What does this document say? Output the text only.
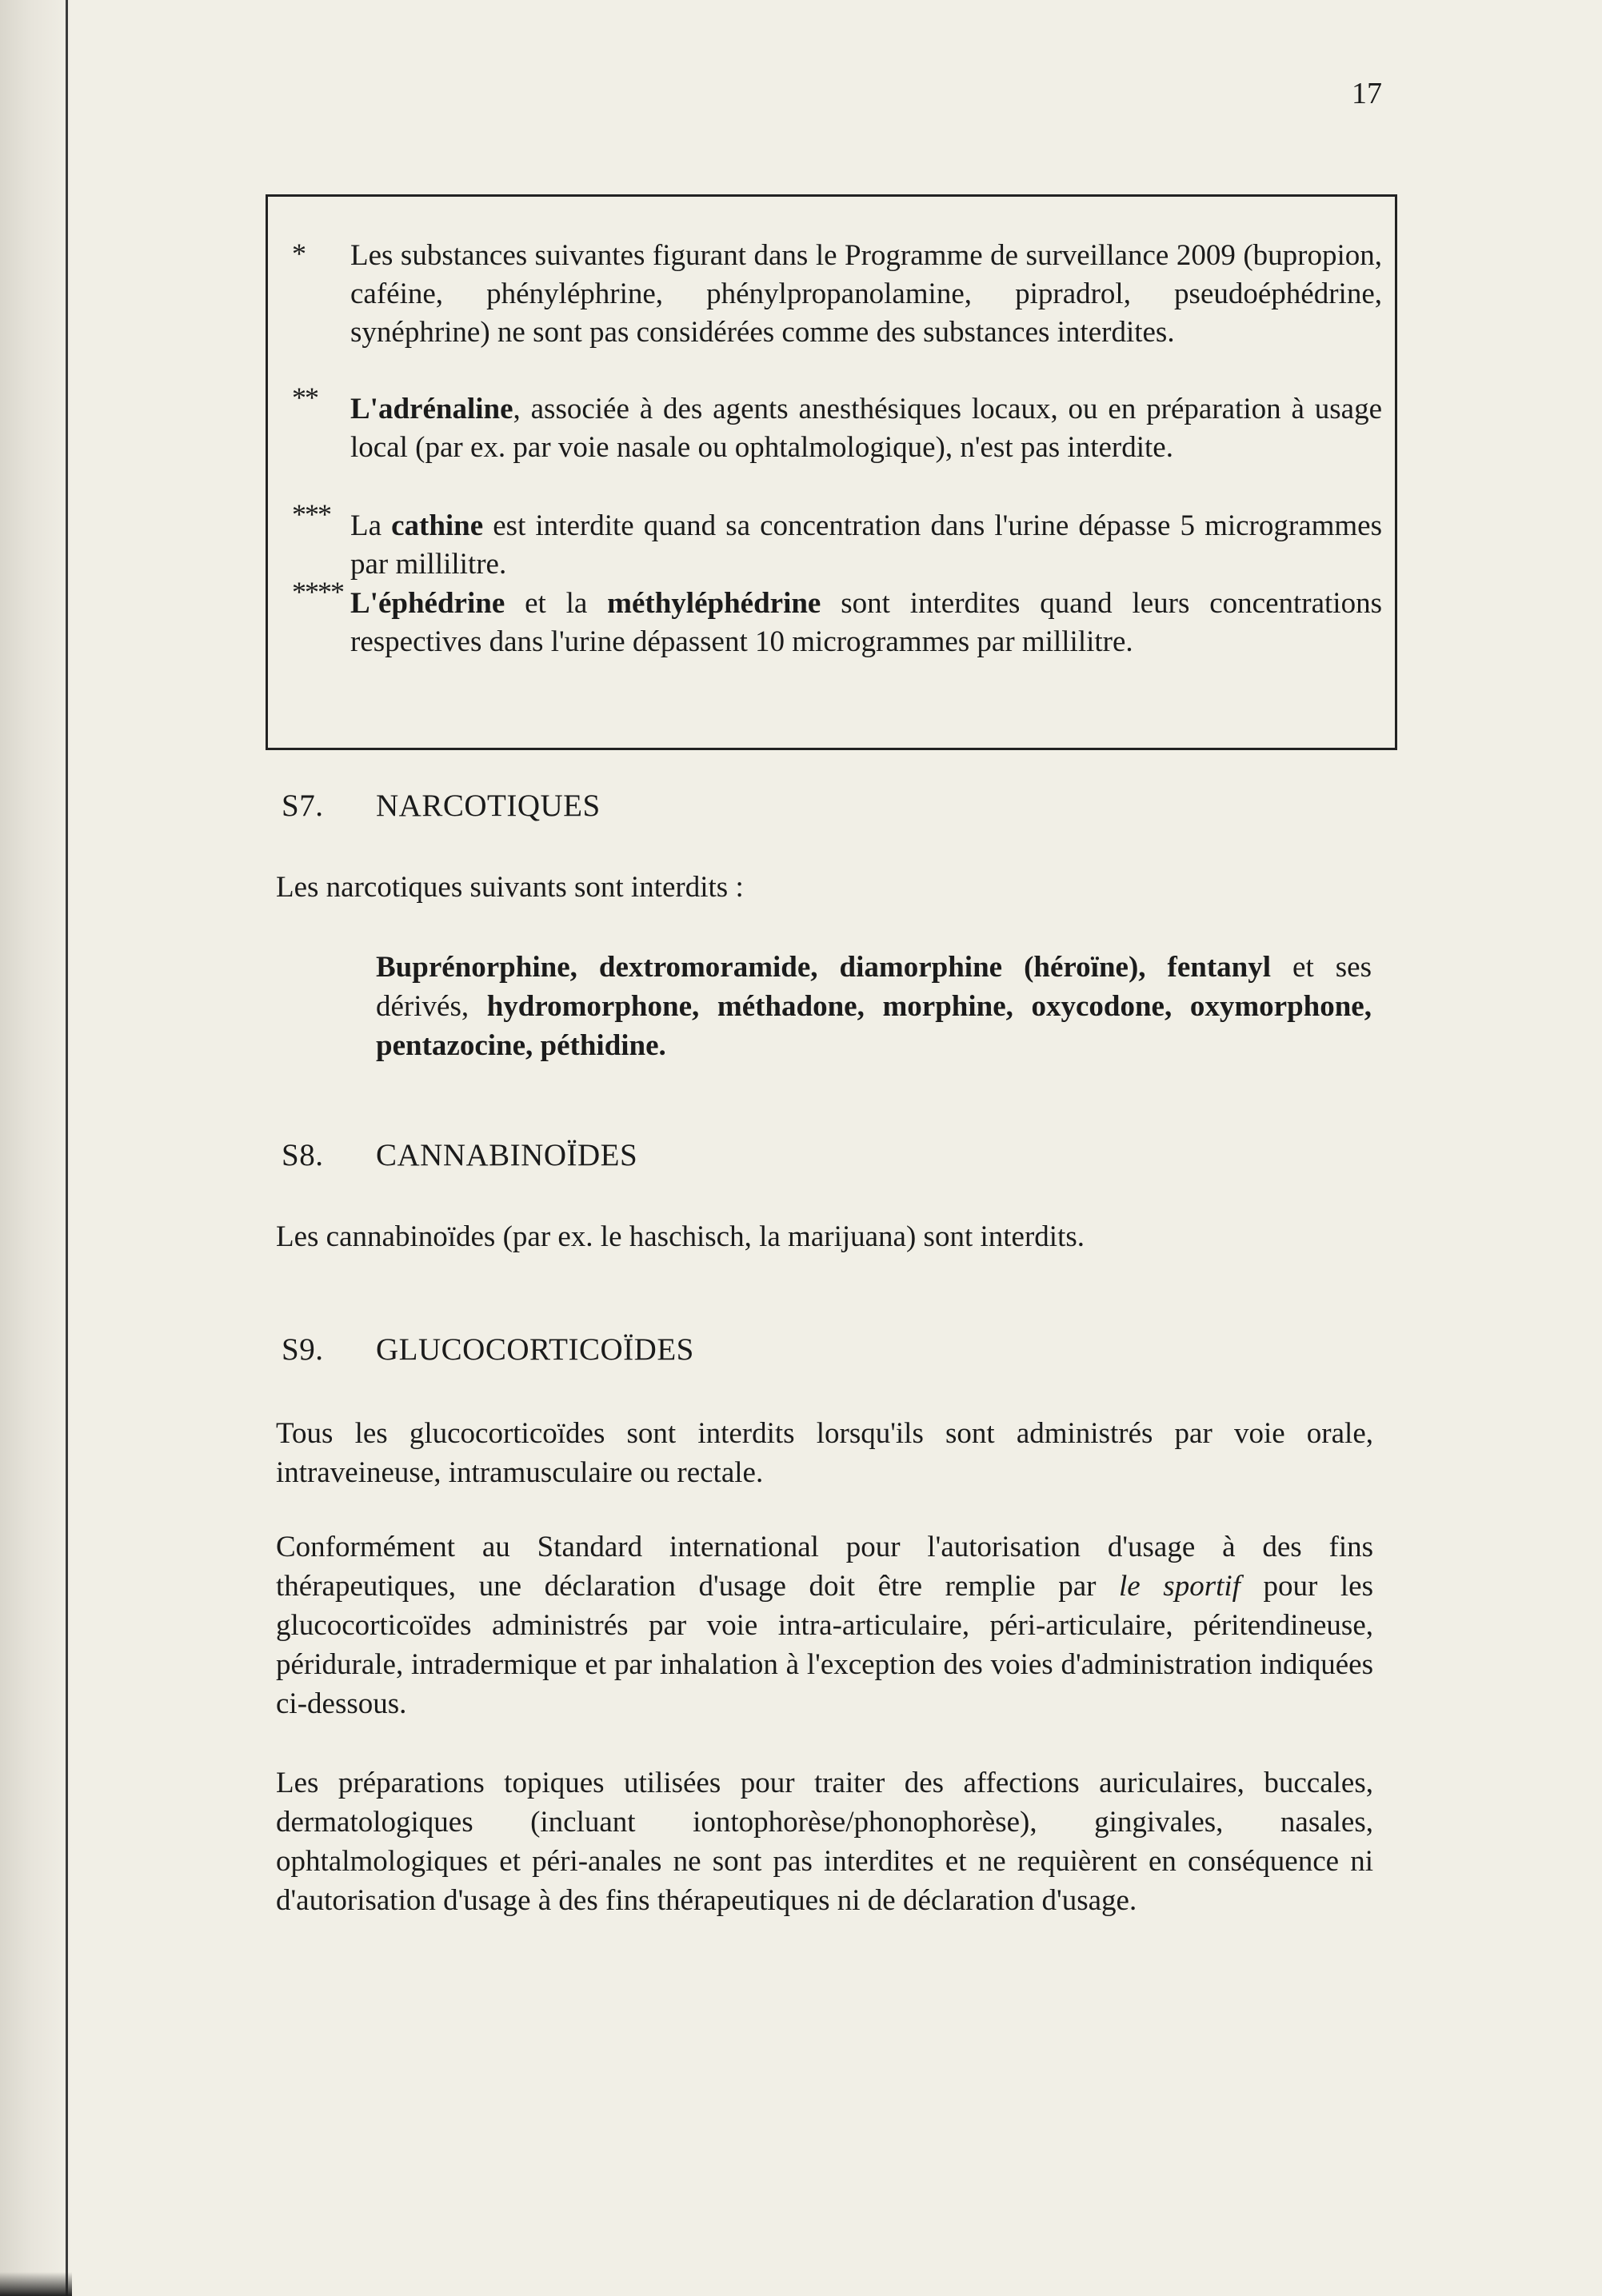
17
* Les substances suivantes figurant dans le Programme de surveillance 2009 (bupropion, caféine, phényléphrine, phénylpropanolamine, pipradrol, pseudoéphédrine, synéphrine) ne sont pas considérées comme des substances interdites.
** L'adrénaline, associée à des agents anesthésiques locaux, ou en préparation à usage local (par ex. par voie nasale ou ophtalmologique), n'est pas interdite.
*** La cathine est interdite quand sa concentration dans l'urine dépasse 5 microgrammes par millilitre.
**** L'éphédrine et la méthyléphédrine sont interdites quand leurs concentrations respectives dans l'urine dépassent 10 microgrammes par millilitre.
S7. NARCOTIQUES
Les narcotiques suivants sont interdits :
Buprénorphine, dextromoramide, diamorphine (héroïne), fentanyl et ses dérivés, hydromorphone, méthadone, morphine, oxycodone, oxymorphone, pentazocine, péthidine.
S8. CANNABINOÏDES
Les cannabinoïdes (par ex. le haschisch, la marijuana) sont interdits.
S9. GLUCOCORTICOÏDES
Tous les glucocorticoïdes sont interdits lorsqu'ils sont administrés par voie orale, intraveineuse, intramusculaire ou rectale.
Conformément au Standard international pour l'autorisation d'usage à des fins thérapeutiques, une déclaration d'usage doit être remplie par le sportif pour les glucocorticoïdes administrés par voie intra-articulaire, péri-articulaire, péritendineuse, péridurale, intradermique et par inhalation à l'exception des voies d'administration indiquées ci-dessous.
Les préparations topiques utilisées pour traiter des affections auriculaires, buccales, dermatologiques (incluant iontophorèse/phonophorèse), gingivales, nasales, ophtalmologiques et péri-anales ne sont pas interdites et ne requièrent en conséquence ni d'autorisation d'usage à des fins thérapeutiques ni de déclaration d'usage.
